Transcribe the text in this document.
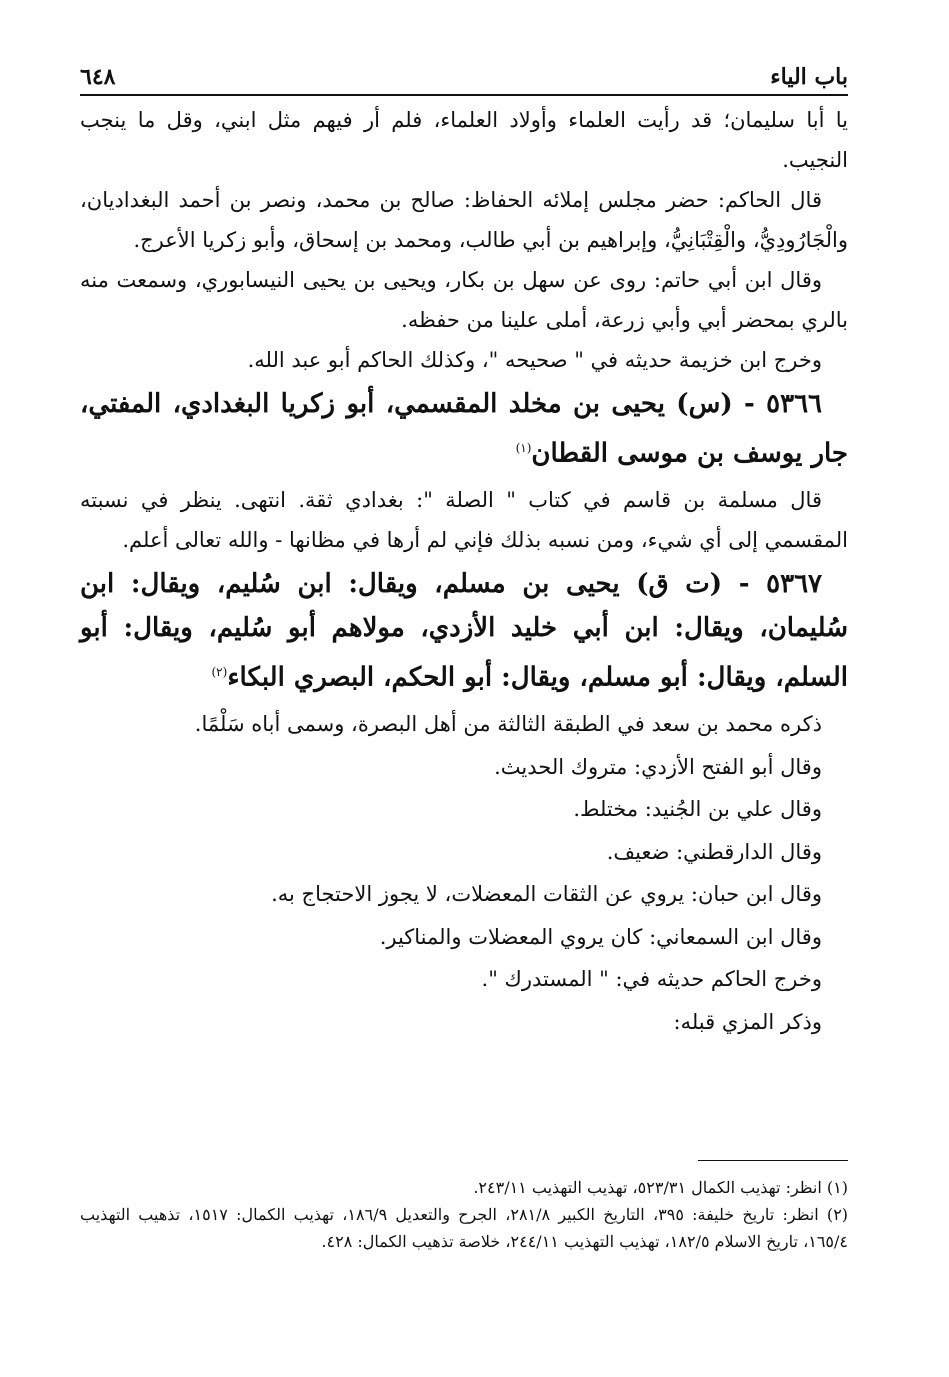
باب الياء
٦٤٨

يا أبا سليمان؛ قد رأيت العلماء وأولاد العلماء، فلم أر فيهم مثل ابني، وقل ما ينجب النجيب.

قال الحاكم: حضر مجلس إملائه الحفاظ: صالح بن محمد، ونصر بن أحمد البغداديان، والْجَارُودِيُّ، والْقِتْبَانِيُّ، وإبراهيم بن أبي طالب، ومحمد بن إسحاق، وأبو زكريا الأعرج.

وقال ابن أبي حاتم: روى عن سهل بن بكار، ويحيى بن يحيى النيسابوري، وسمعت منه بالري بمحضر أبي وأبي زرعة، أملى علينا من حفظه.

وخرج ابن خزيمة حديثه في " صحيحه "، وكذلك الحاكم أبو عبد الله.

٥٣٦٦ - (س) يحيى بن مخلد المقسمي، أبو زكريا البغدادي، المفتي، جار يوسف بن موسى القطان$^{(١)}$

قال مسلمة بن قاسم في كتاب " الصلة ": بغدادي ثقة. انتهى. ينظر في نسبته المقسمي إلى أي شيء، ومن نسبه بذلك فإني لم أرها في مظانها - والله تعالى أعلم.

٥٣٦٧ - (ت ق) يحيى بن مسلم، ويقال: ابن سُليم، ويقال: ابن سُليمان، ويقال: ابن أبي خليد الأزدي، مولاهم أبو سُليم، ويقال: أبو السلم، ويقال: أبو مسلم، ويقال: أبو الحكم، البصري البكاء$^{(٢)}$

ذكره محمد بن سعد في الطبقة الثالثة من أهل البصرة، وسمى أباه سَلْمًا.

وقال أبو الفتح الأزدي: متروك الحديث.

وقال علي بن الجُنيد: مختلط.

وقال الدارقطني: ضعيف.

وقال ابن حبان: يروي عن الثقات المعضلات، لا يجوز الاحتجاج به.

وقال ابن السمعاني: كان يروي المعضلات والمناكير.

وخرج الحاكم حديثه في: " المستدرك ".

وذكر المزي قبله:

(١) انظر: تهذيب الكمال ٥٢٣/٣١، تهذيب التهذيب ٢٤٣/١١.

(٢) انظر: تاريخ خليفة: ٣٩٥، التاريخ الكبير ٢٨١/٨، الجرح والتعديل ١٨٦/٩، تهذيب الكمال: ١٥١٧، تذهيب التهذيب ١٦٥/٤، تاريخ الاسلام ١٨٢/٥، تهذيب التهذيب ٢٤٤/١١، خلاصة تذهيب الكمال: ٤٢٨.
